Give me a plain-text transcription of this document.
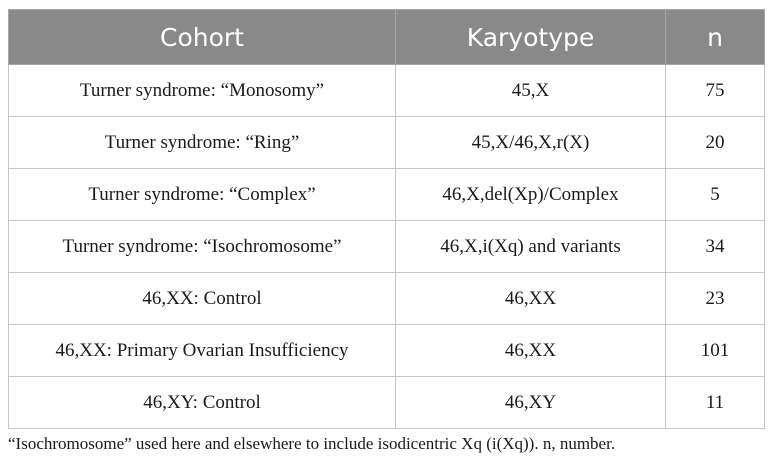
Cohort	Karyotype	n
Turner syndrome: “Monosomy”	45,X	75
Turner syndrome: “Ring”	45,X/46,X,r(X)	20
Turner syndrome: “Complex”	46,X,del(Xp)/Complex	5
Turner syndrome: “Isochromosome”	46,X,i(Xq) and variants	34
46,XX: Control	46,XX	23
46,XX: Primary Ovarian Insufficiency	46,XX	101
46,XY: Control	46,XY	11
“Isochromosome” used here and elsewhere to include isodicentric Xq (i(Xq)). n, number.
